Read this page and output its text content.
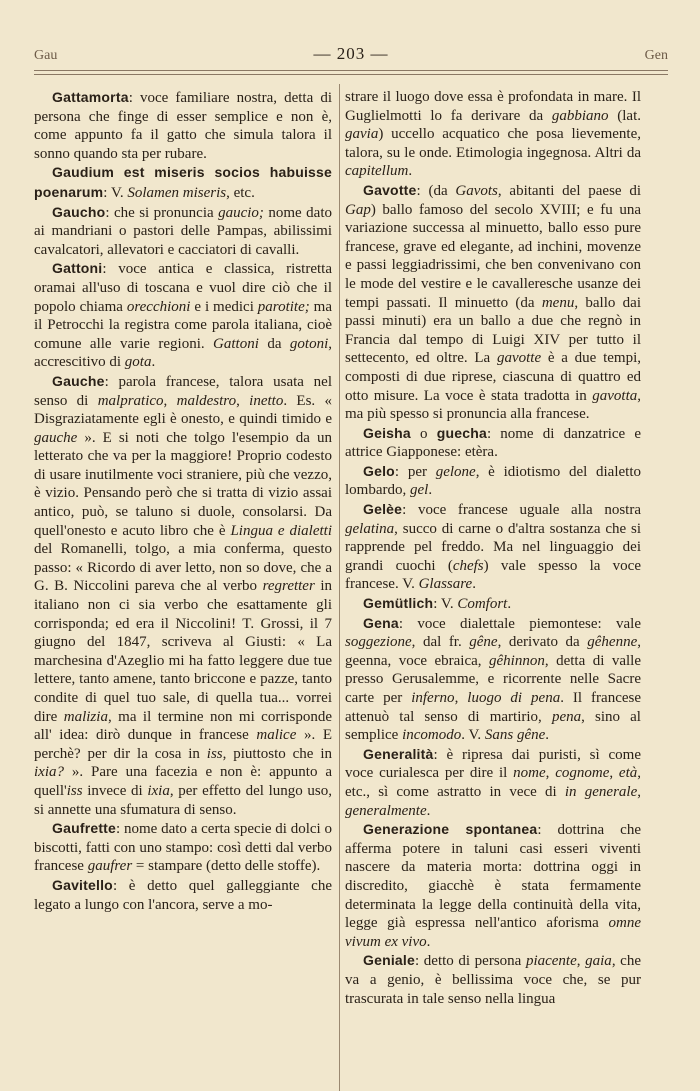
Gau	— 203 —	Gen

Gattamorta: voce familiare nostra, detta di persona che finge di esser semplice e non è, come appunto fa il gatto che simula talora il sonno quando sta per rubare.

Gaudium est miseris socios habuisse poenarum: V. Solamen miseris, etc.

Gaucho: che si pronuncia gaucio; nome dato ai mandriani o pastori delle Pampas, abilissimi cavalcatori, allevatori e cacciatori di cavalli.

Gattoni: voce antica e classica, ristretta oramai all'uso di toscana e vuol dire ciò che il popolo chiama orecchioni e i medici parotite; ma il Petrocchi la registra come parola italiana, cioè comune alle varie regioni. Gattoni da gotoni, accrescitivo di gota.

Gauche: parola francese, talora usata nel senso di malpratico, maldestro, inetto. Es. « Disgraziatamente egli è onesto, e quindi timido e gauche ». E si noti che tolgo l'esempio da un letterato che va per la maggiore! Proprio codesto di usare inutilmente voci straniere, più che vezzo, è vizio. Pensando però che si tratta di vizio assai antico, può, se taluno si duole, consolarsi. Da quell'onesto e acuto libro che è Lingua e dialetti del Romanelli, tolgo, a mia conferma, questo passo: « Ricordo di aver letto, non so dove, che a G. B. Niccolini pareva che al verbo regretter in italiano non ci sia verbo che esattamente gli corrisponda; ed era il Niccolini! T. Grossi, il 7 giugno del 1847, scriveva al Giusti: « La marchesina d'Azeglio mi ha fatto leggere due tue lettere, tanto amene, tanto briccone e pazze, tanto condite di quel tuo sale, di quella tua... vorrei dire malizia, ma il termine non mi corrisponde all' idea: dirò dunque in francese malice ». E perchè? per dir la cosa in iss, piuttosto che in ixia? ». Pare una facezia e non è: appunto a quell'iss invece di ixia, per effetto del lungo uso, si annette una sfumatura di senso.

Gaufrette: nome dato a certa specie di dolci o biscotti, fatti con uno stampo: così detti dal verbo francese gaufrer = stampare (detto delle stoffe).

Gavitello: è detto quel galleggiante che legato a lungo con l'ancora, serve a mo-

strare il luogo dove essa è profondata in mare. Il Guglielmotti lo fa derivare da gabbiano (lat. gavia) uccello acquatico che posa lievemente, talora, su le onde. Etimologia ingegnosa. Altri da capitellum.

Gavotte: (da Gavots, abitanti del paese di Gap) ballo famoso del secolo XVIII; e fu una variazione successa al minuetto, ballo esso pure francese, grave ed elegante, ad inchini, movenze e passi leggiadrissimi, che ben convenivano con le mode del vestire e le cavalleresche usanze dei tempi passati. Il minuetto (da menu, ballo dai passi minuti) era un ballo a due che regnò in Francia dal tempo di Luigi XIV per tutto il settecento, ed oltre. La gavotte è a due tempi, composti di due riprese, ciascuna di quattro ed otto misure. La voce è stata tradotta in gavotta, ma più spesso si pronuncia alla francese.

Geisha o guecha: nome di danzatrice e attrice Giapponese: etèra.

Gelo: per gelone, è idiotismo del dialetto lombardo, gel.

Gelèe: voce francese uguale alla nostra gelatina, succo di carne o d'altra sostanza che si rapprende pel freddo. Ma nel linguaggio dei grandi cuochi (chefs) vale spesso la voce francese. V. Glassare.

Gemütlich: V. Comfort.

Gena: voce dialettale piemontese: vale soggezione, dal fr. gêne, derivato da gêhenne, geenna, voce ebraica, gêhinnon, detta di valle presso Gerusalemme, e ricorrente nelle Sacre carte per inferno, luogo di pena. Il francese attenuò tal senso di martirio, pena, sino al semplice incomodo. V. Sans gêne.

Generalità: è ripresa dai puristi, sì come voce curialesca per dire il nome, cognome, età, etc., sì come astratto in vece di in generale, generalmente.

Generazione spontanea: dottrina che afferma potere in taluni casi esseri viventi nascere da materia morta: dottrina oggi in discredito, giacchè è stata fermamente determinata la legge della continuità della vita, legge già espressa nell'antico aforisma omne vivum ex vivo.

Geniale: detto di persona piacente, gaia, che va a genio, è bellissima voce che, se pur trascurata in tale senso nella lingua
